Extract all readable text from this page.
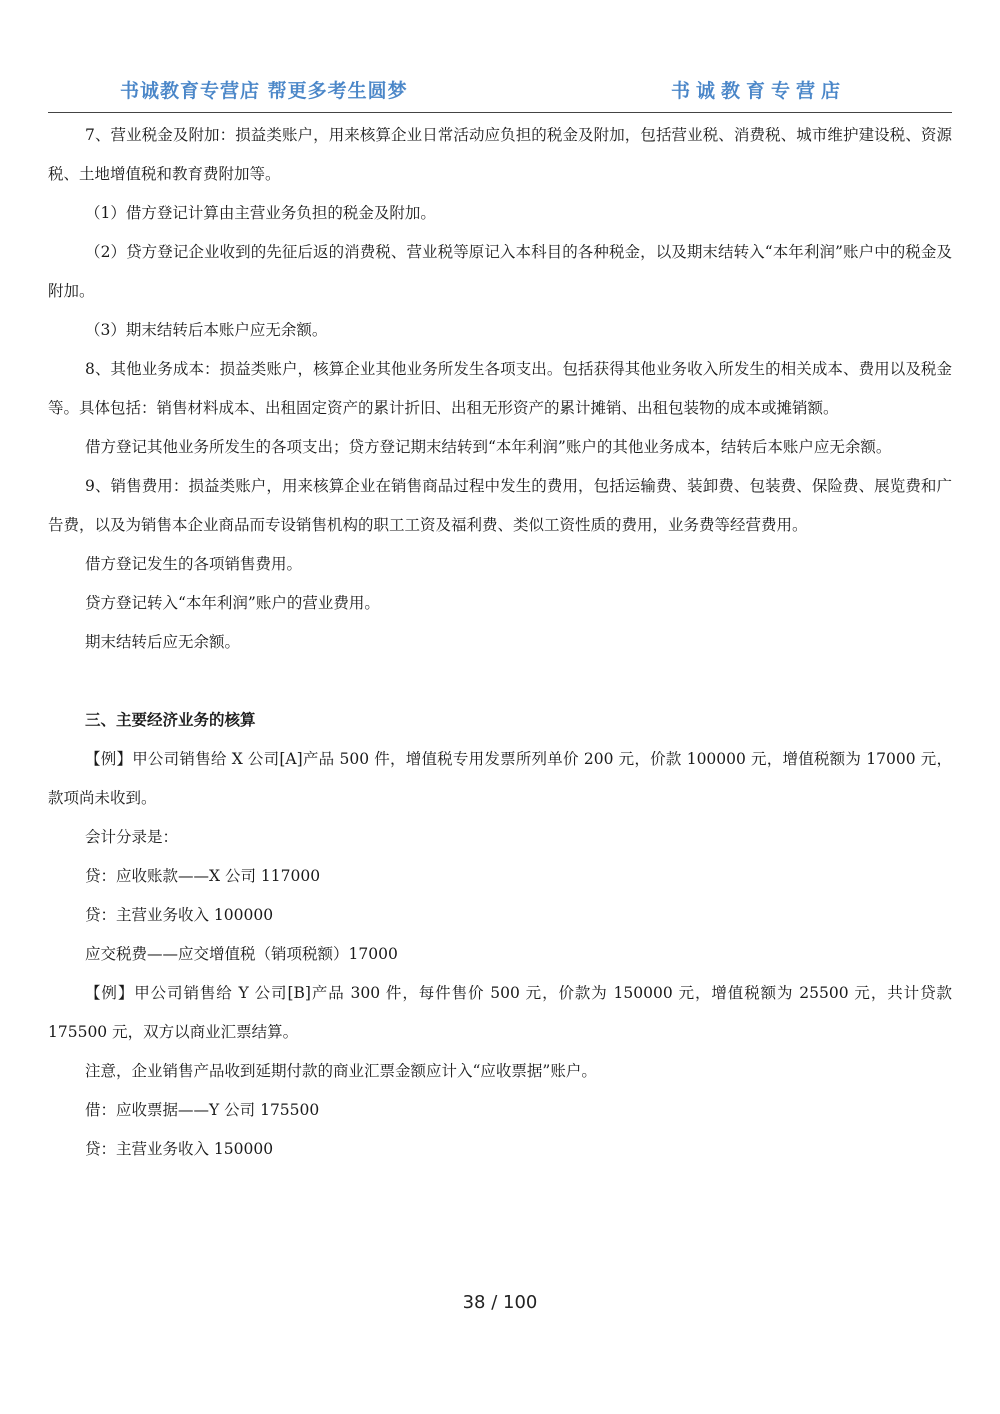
书诚教育专营店 帮更多考生圆梦	书诚教育专营店

7、营业税金及附加：损益类账户，用来核算企业日常活动应负担的税金及附加，包括营业税、消费税、城市维护建设税、资源税、土地增值税和教育费附加等。

（1）借方登记计算由主营业务负担的税金及附加。

（2）贷方登记企业收到的先征后返的消费税、营业税等原记入本科目的各种税金，以及期末结转入“本年利润”账户中的税金及附加。

（3）期末结转后本账户应无余额。

8、其他业务成本：损益类账户，核算企业其他业务所发生各项支出。包括获得其他业务收入所发生的相关成本、费用以及税金等。具体包括：销售材料成本、出租固定资产的累计折旧、出租无形资产的累计摊销、出租包装物的成本或摊销额。

借方登记其他业务所发生的各项支出；贷方登记期末结转到“本年利润”账户的其他业务成本，结转后本账户应无余额。

9、销售费用：损益类账户，用来核算企业在销售商品过程中发生的费用，包括运输费、装卸费、包装费、保险费、展览费和广告费，以及为销售本企业商品而专设销售机构的职工工资及福利费、类似工资性质的费用，业务费等经营费用。

借方登记发生的各项销售费用。

贷方登记转入“本年利润”账户的营业费用。

期末结转后应无余额。

三、主要经济业务的核算

【例】甲公司销售给 X 公司[A]产品 500 件，增值税专用发票所列单价 200 元，价款 100000 元，增值税额为 17000 元，款项尚未收到。

会计分录是：

贷：应收账款——X 公司 117000

贷：主营业务收入 100000

应交税费——应交增值税（销项税额）17000

【例】甲公司销售给 Y 公司[B]产品 300 件，每件售价 500 元，价款为 150000 元，增值税额为 25500 元，共计贷款 175500 元，双方以商业汇票结算。

注意，企业销售产品收到延期付款的商业汇票金额应计入“应收票据”账户。

借：应收票据——Y 公司 175500

贷：主营业务收入 150000

38 / 100
